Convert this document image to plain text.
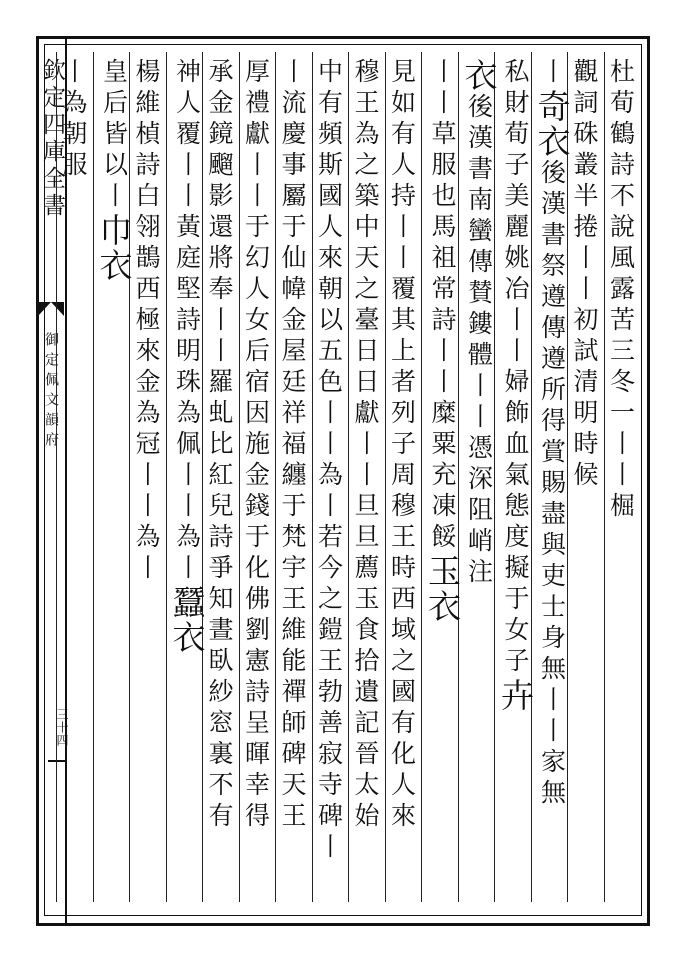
欽定四庫全書
御定佩文韻府
三十四
杜荀鶴詩不說風露苦三冬一丨丨㭾
觀詞硃叢半捲丨丨初試清明時候
丨奇衣後漢書祭遵傳遵所得賞賜盡與吏士身無丨丨家無
私財荀子美麗姚冶丨丨婦飾血氣態度擬于女子卉
衣後漢書南蠻傳賛鏤體丨丨憑深阻峭注
丨丨草服也馬祖常詩丨丨糜粟充凍餒玉衣
見如有人持丨丨覆其上者列子周穆王時西域之國有化人來
穆王為之築中天之臺日日獻丨丨旦旦薦玉食拾遺記晉太始
中有頻斯國人來朝以五色丨丨為丨若今之鎧王勃善寂寺碑丨
丨流慶事屬于仙幃金屋廷祥福纏于梵宇王維能禪師碑天王
厚禮獻丨丨于幻人女后宿因施金錢于化佛劉憲詩呈暉幸得
承金鏡飀影還將奉丨丨羅虬比紅兒詩爭知晝臥紗窓裏不有
神人覆丨丨黃庭堅詩明珠為佩丨丨為丨蠶衣
楊維楨詩白翎鵲西極來金為冠丨丨為丨
皇后皆以丨巾衣
丨為朝服
